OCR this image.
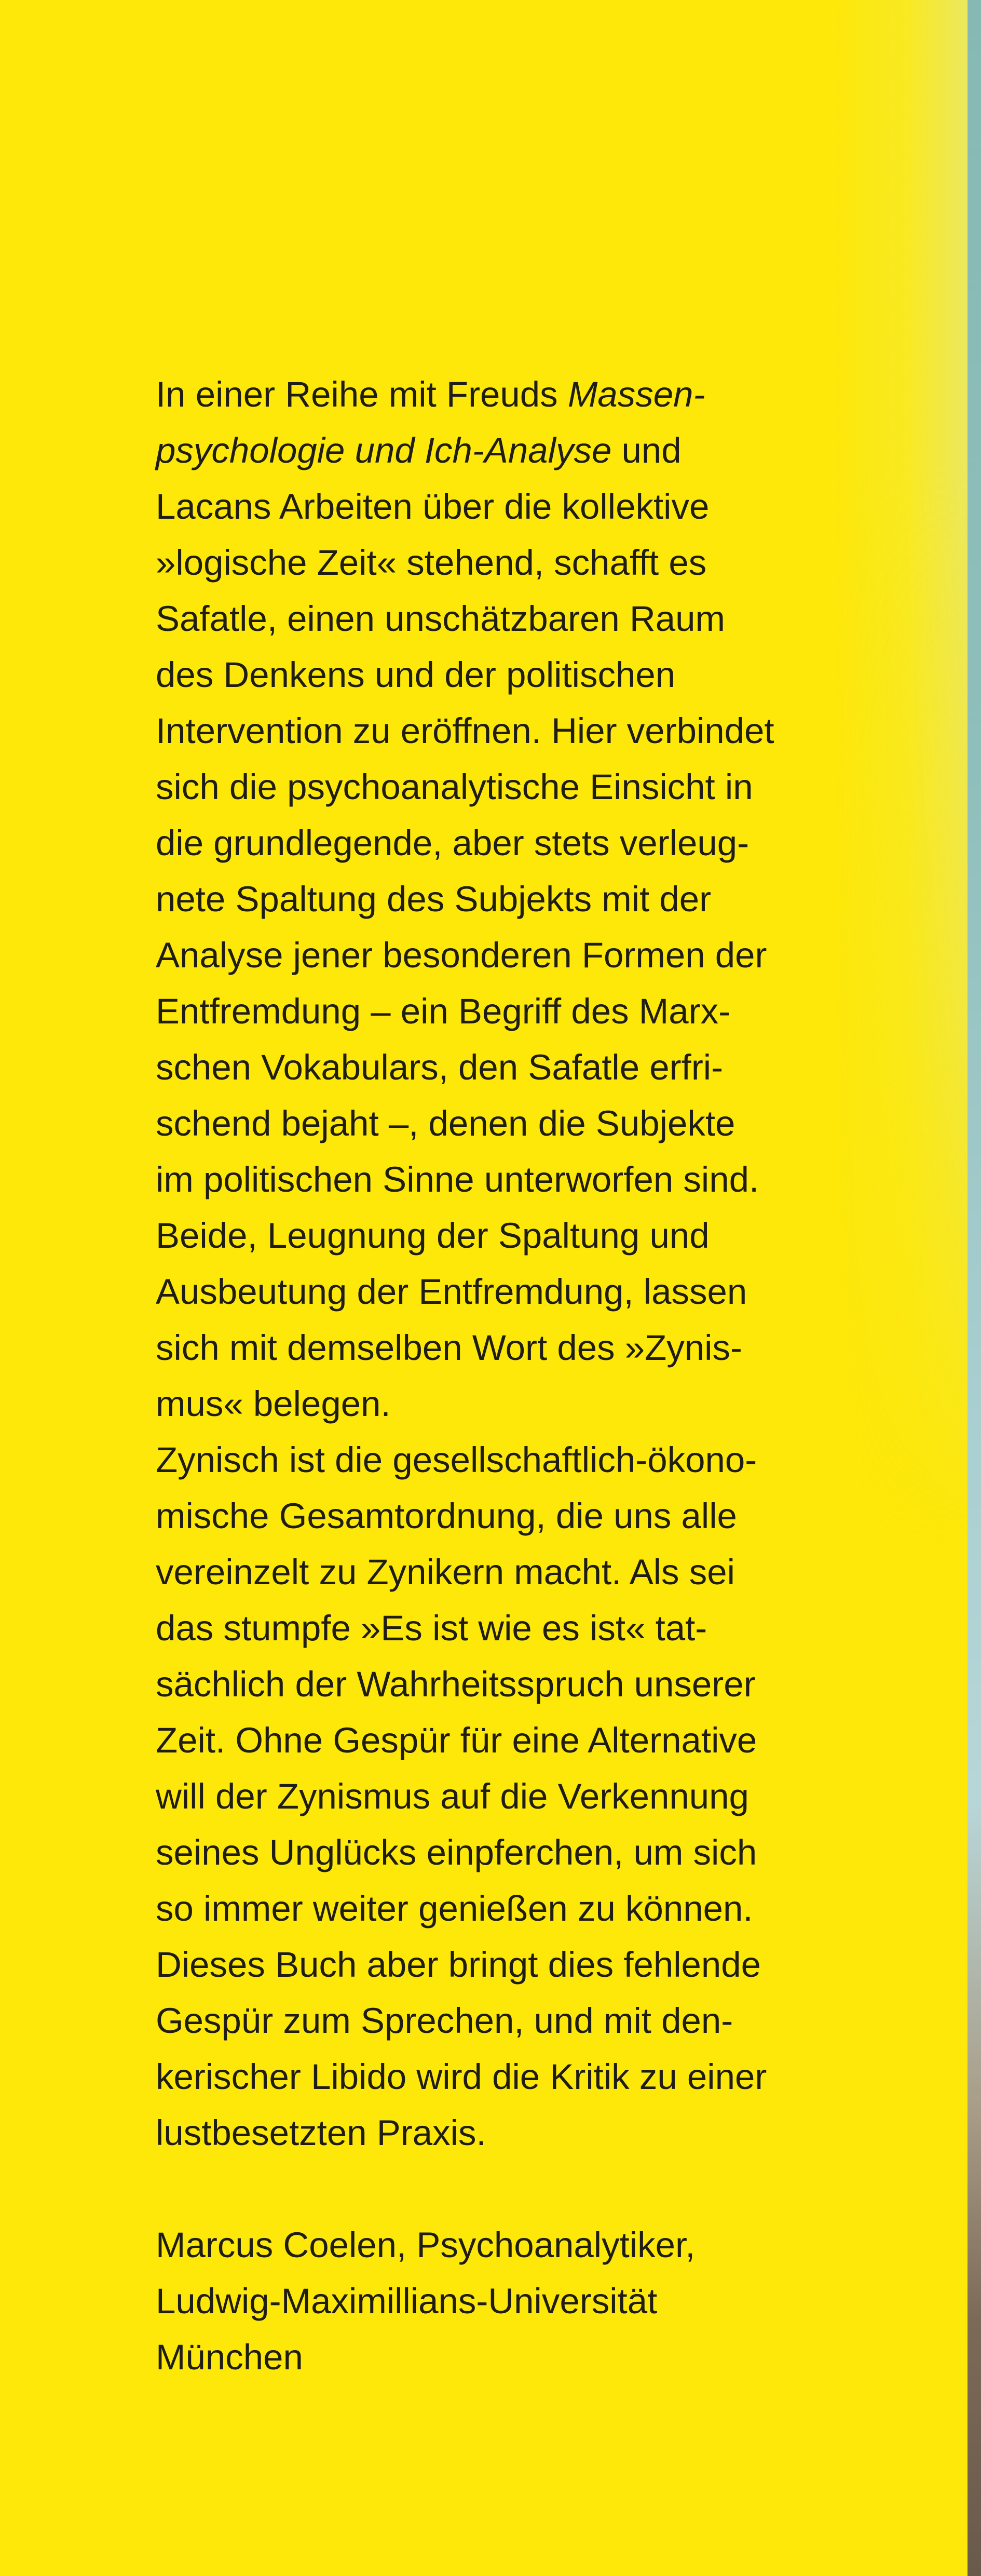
In einer Reihe mit Freuds Massen-
psychologie und Ich-Analyse und
Lacans Arbeiten über die kollektive
»logische Zeit« stehend, schafft es
Safatle, einen unschätzbaren Raum
des Denkens und der politischen
Intervention zu eröffnen. Hier verbindet
sich die psychoanalytische Einsicht in
die grundlegende, aber stets verleug-
nete Spaltung des Subjekts mit der
Analyse jener besonderen Formen der
Entfremdung – ein Begriff des Marx-
schen Vokabulars, den Safatle erfri-
schend bejaht –, denen die Subjekte
im politischen Sinne unterworfen sind.
Beide, Leugnung der Spaltung und
Ausbeutung der Entfremdung, lassen
sich mit demselben Wort des »Zynis-
mus« belegen.
Zynisch ist die gesellschaftlich-ökono-
mische Gesamtordnung, die uns alle
vereinzelt zu Zynikern macht. Als sei
das stumpfe »Es ist wie es ist« tat-
sächlich der Wahrheitsspruch unserer
Zeit. Ohne Gespür für eine Alternative
will der Zynismus auf die Verkennung
seines Unglücks einpferchen, um sich
so immer weiter genießen zu können.
Dieses Buch aber bringt dies fehlende
Gespür zum Sprechen, und mit den-
kerischer Libido wird die Kritik zu einer
lustbesetzten Praxis.
Marcus Coelen, Psychoanalytiker,
Ludwig-Maximillians-Universität
München
